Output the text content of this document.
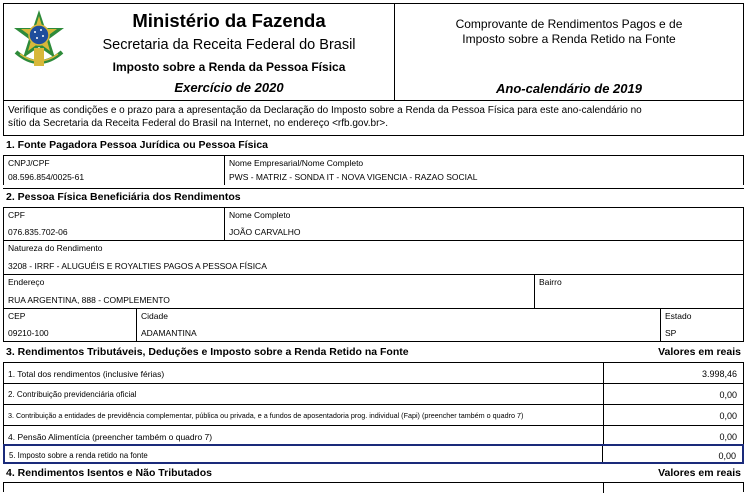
Ministério da Fazenda
Secretaria da Receita Federal do Brasil
Imposto sobre a Renda da Pessoa Física
Exercício de 2020
Comprovante de Rendimentos Pagos e de
Imposto sobre a Renda Retido na Fonte
Ano-calendário de 2019
Verifique as condições e o prazo para a apresentação da Declaração do Imposto sobre a Renda da Pessoa Física para este ano-calendário no
sítio da Secretaria da Receita Federal do Brasil na Internet, no endereço <rfb.gov.br>.
1. Fonte Pagadora Pessoa Jurídica ou Pessoa Física
CNPJ/CPF
08.596.854/0025-61
Nome Empresarial/Nome Completo
PWS - MATRIZ - SONDA IT - NOVA VIGENCIA - RAZAO SOCIAL
2. Pessoa Física Beneficiária dos Rendimentos
CPF
076.835.702-06
Nome Completo
JOÃO CARVALHO
Natureza do Rendimento
3208 - IRRF - ALUGUÉIS E ROYALTIES PAGOS A PESSOA FÍSICA
Endereço
RUA ARGENTINA, 888 - COMPLEMENTO
Bairro
CEP
09210-100
Cidade
ADAMANTINA
Estado
SP
3. Rendimentos Tributáveis, Deduções e Imposto sobre a Renda Retido na Fonte	Valores em reais
1. Total dos rendimentos (inclusive férias)	3.998,46
2. Contribuição previdenciária oficial	0,00
3. Contribuição a entidades de previdência complementar, pública ou privada, e a fundos de aposentadoria prog. individual (Fapi) (preencher também o quadro 7)	0,00
4. Pensão Alimentícia (preencher também o quadro 7)	0,00
5. Imposto sobre a renda retido na fonte	0,00
4. Rendimentos Isentos e Não Tributados	Valores em reais
